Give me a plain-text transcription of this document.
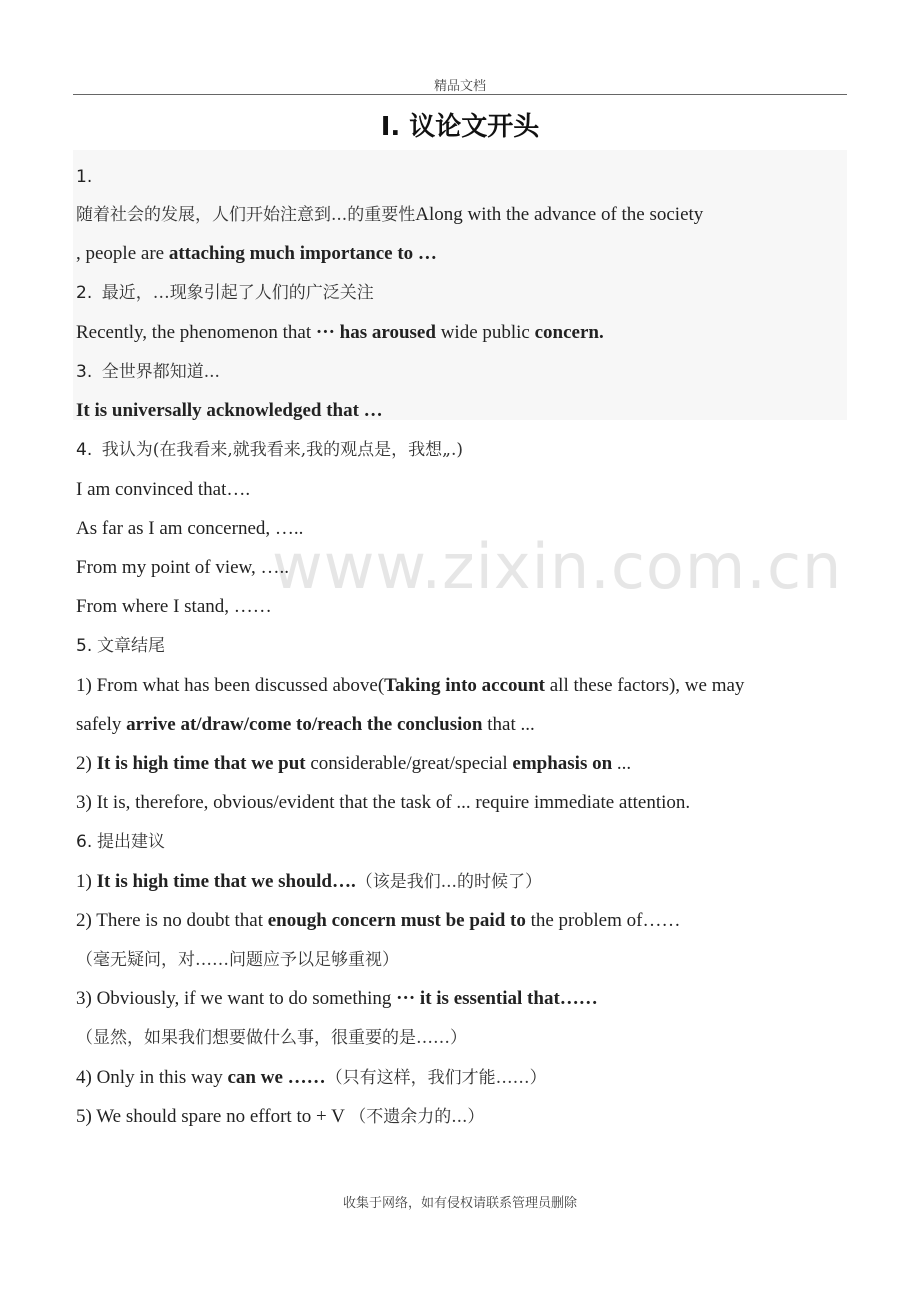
精品文档
I. 议论文开头
www.zixin.com.cn
1.
随着社会的发展，人们开始注意到...的重要性Along with the advance of the society
, people are attaching much importance to …
2. 最近，…现象引起了人们的广泛关注
Recently, the phenomenon that ··· has aroused wide public concern.
3. 全世界都知道...
It is universally acknowledged that …
4. 我认为(在我看来,就我看来,我的观点是，我想„.)
I am convinced that….
As far as I am concerned, …..
From my point of view, …..
From where I stand, ……
5. 文章结尾
1) From what has been discussed above(Taking into account all these factors), we may
safely arrive at/draw/come to/reach the conclusion that ...
2) It is high time that we put considerable/great/special emphasis on ...
3) It is, therefore, obvious/evident that the task of ... require immediate attention.
6. 提出建议
1) It is high time that we should….（该是我们...的时候了）
2) There is no doubt that enough concern must be paid to the problem of……
（毫无疑问，对……问题应予以足够重视）
3) Obviously, if we want to do something ··· it is essential that……
（显然，如果我们想要做什么事，很重要的是……）
4) Only in this way can we ……（只有这样，我们才能……）
5) We should spare no effort to + V （不遗余力的...）
收集于网络，如有侵权请联系管理员删除
